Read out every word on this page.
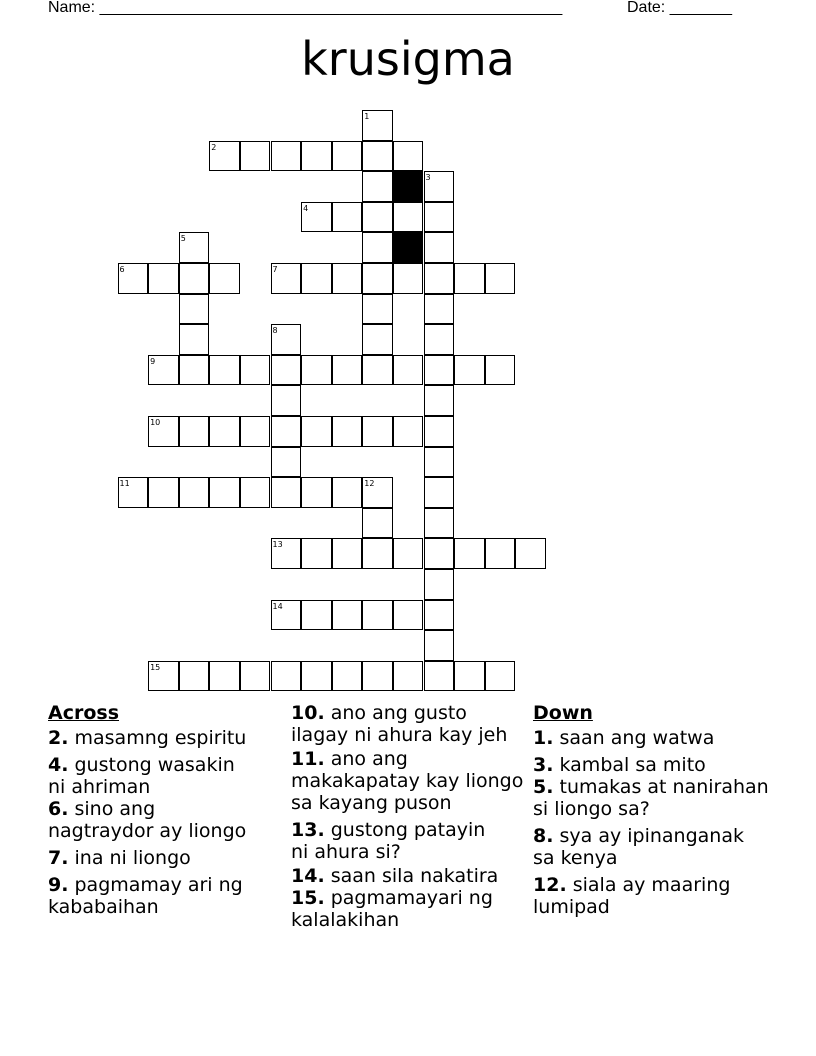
Name: ____________________________________________________	Date: _______
krusigma
1
2
3
4
5
6	7
8
9
10
11	12
13
14
15
Across
2. masamng espiritu
4. gustong wasakin ni ahriman
6. sino ang nagtraydor ay liongo
7. ina ni liongo
9. pagmamay ari ng kababaihan
10. ano ang gusto ilagay ni ahura kay jeh
11. ano ang makakapatay kay liongo sa kayang puson
13. gustong patayin ni ahura si?
14. saan sila nakatira
15. pagmamayari ng kalalakihan
Down
1. saan ang watwa
3. kambal sa mito
5. tumakas at nanirahan si liongo sa?
8. sya ay ipinanganak sa kenya
12. siala ay maaring lumipad
